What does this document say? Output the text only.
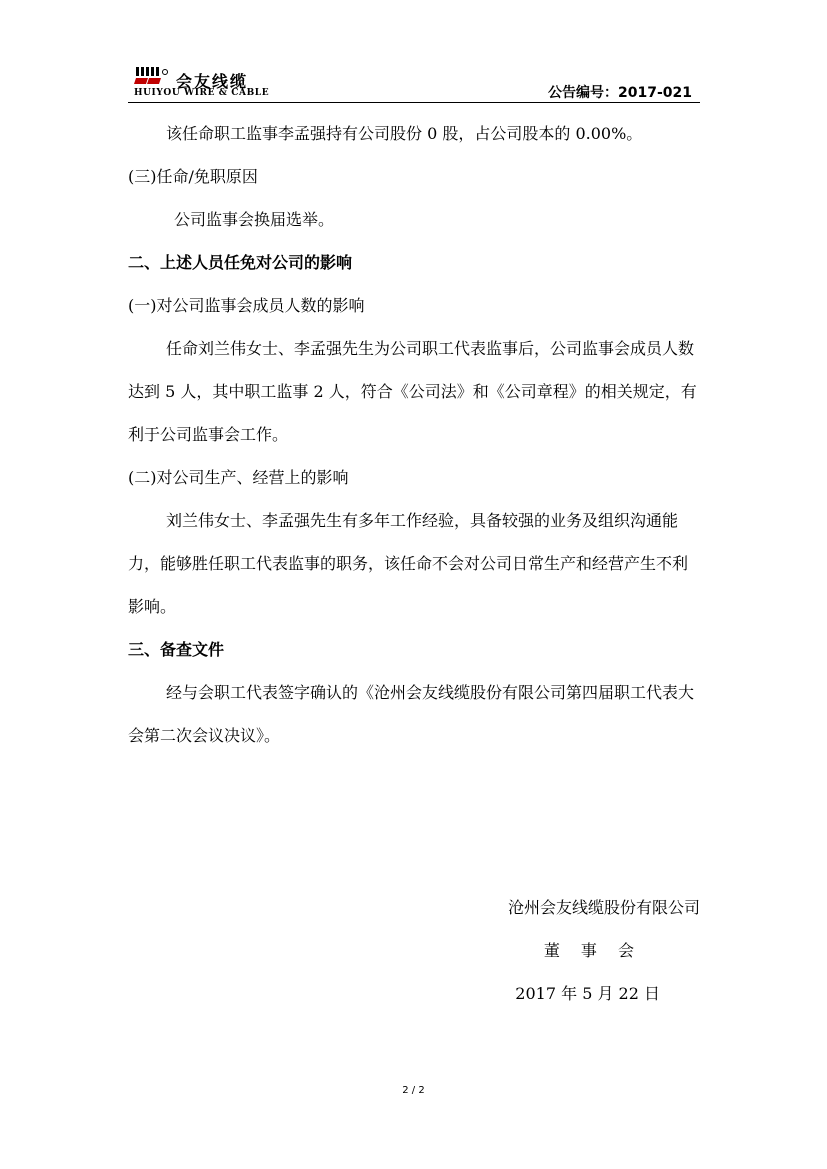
会友线缆
HUIYOU WIRE & CABLE	公告编号：2017-021

该任命职工监事李孟强持有公司股份 0 股，占公司股本的 0.00%。

(三)任命/免职原因

公司监事会换届选举。

二、上述人员任免对公司的影响

(一)对公司监事会成员人数的影响

任命刘兰伟女士、李孟强先生为公司职工代表监事后，公司监事会成员人数达到 5 人，其中职工监事 2 人，符合《公司法》和《公司章程》的相关规定，有利于公司监事会工作。

(二)对公司生产、经营上的影响

刘兰伟女士、李孟强先生有多年工作经验，具备较强的业务及组织沟通能力，能够胜任职工代表监事的职务，该任命不会对公司日常生产和经营产生不利影响。

三、备查文件

经与会职工代表签字确认的《沧州会友线缆股份有限公司第四届职工代表大会第二次会议决议》。

沧州会友线缆股份有限公司

董 事 会

2017 年 5 月 22 日

2 / 2
